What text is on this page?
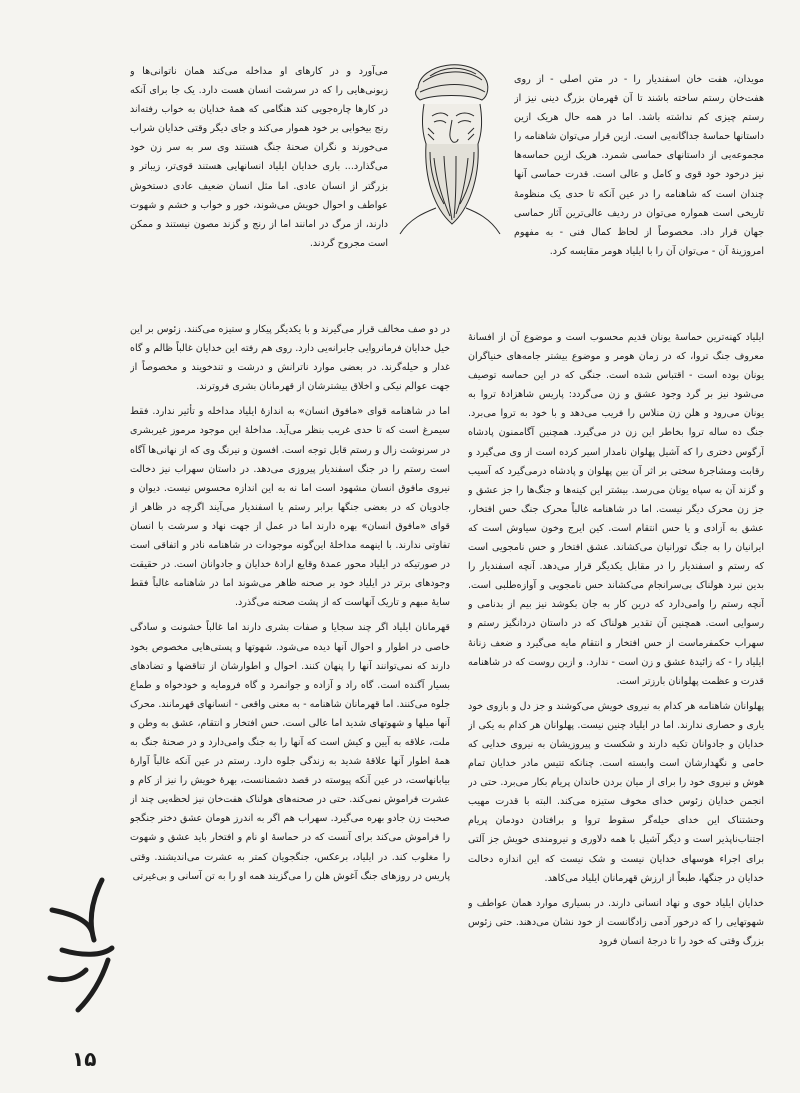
مویدان، هفت خان اسفندیار را - در متن اصلی - از روی هفت‌خان رستم ساخته باشند تا آن قهرمان بزرگ دینی نیز از رستم چیزی کم نداشته باشد. اما در همه حال هریک ازین داستانها حماسهٔ جداگانه‌یی است. ازین قرار می‌توان شاهنامه را مجموعه‌یی از داستانهای حماسی شمرد. هریک ازین حماسه‌ها نیز درخود خود قوی و کامل و عالی است. قدرت حماسی آنها چندان است که شاهنامه را در عین آنکه تا حدی یک منظومهٔ تاریخی است همواره می‌توان در ردیف عالی‌ترین آثار حماسی جهان قرار داد. مخصوصاً از لحاظ کمال فنی - به مفهوم امروزینهٔ آن - می‌توان آن را با ایلیاد هومر مقایسه کرد.

می‌آورد و در کارهای او مداخله می‌کند همان ناتوانی‌ها و زبونی‌هایی را که در سرشت انسان هست دارد. یک جا برای آنکه در کارها چاره‌جویی کند هنگامی که همهٔ خدایان به خواب رفته‌اند رنج بیخوابی بر خود هموار می‌کند و جای دیگر وقتی خدایان شراب می‌خورند و نگران صحنهٔ جنگ هستند وی سر به سر زن خود می‌گذارد... باری خدایان ایلیاد انسانهایی هستند قوی‌تر، زیباتر و بزرگتر از انسان عادی. اما مثل انسان ضعیف عادی دستخوش عواطف و احوال خویش می‌شوند، خور و خواب و خشم و شهوت دارند، از مرگ در امانند اما از رنج و گزند مصون نیستند و ممکن است مجروح گردند.

ایلیاد کهنه‌ترین حماسهٔ یونان قدیم محسوب است و موضوع آن از افسانهٔ معروف جنگ تروا، که در زمان هومر و موضوع بیشتر جامه‌های خنیاگران یونان بوده است - اقتباس شده است. جنگی که در این حماسه توصیف می‌شود نیز بر گرد وجود عشق و زن می‌گردد: پاریس شاهزادهٔ تروا به یونان می‌رود و هلن زن منلاس را فریب می‌دهد و با خود به تروا می‌برد. جنگ ده ساله تروا بخاطر این زن در می‌گیرد. همچنین آگاممنون پادشاه آرگوس دختری را که آشیل پهلوان نامدار اسیر کرده است از وی می‌گیرد و رقابت ومشاجرهٔ سختی بر اثر آن بین پهلوان و پادشاه درمی‌گیرد که آسیب و گزند آن به سپاه یونان می‌رسد. بیشتر این کینه‌ها و جنگ‌ها را جز عشق و جز زن محرک دیگر نیست. اما در شاهنامه غالباً محرک جنگ حس افتخار، عشق به آزادی و یا حس انتقام است. کین ایرج وخون سیاوش است که ایرانیان را به جنگ تورانیان می‌کشاند. عشق افتخار و حس نامجویی است که رستم و اسفندیار را در مقابل یکدیگر قرار می‌دهد. آنچه اسفندیار را بدین نبرد هولناک بی‌سرانجام می‌کشاند حس نامجویی و آوازه‌طلبی است. آنچه رستم را وامی‌دارد که درین کار به جان بکوشد نیز بیم از بدنامی و رسوایی است. همچنین آن تقدیر هولناک که در داستان دردانگیز رستم و سهراب حکمفرماست از حس افتخار و انتقام مایه می‌گیرد و ضعف زنانهٔ ایلیاد را - که زائیدهٔ عشق و زن است - ندارد. و ازین روست که در شاهنامه قدرت و عظمت پهلوانان بارزتر است.

پهلوانان شاهنامه هر کدام به نیروی خویش می‌کوشند و جز دل و بازوی خود یاری و حصاری ندارند. اما در ایلیاد چنین نیست. پهلوانان هر کدام به یکی از خدایان و جادوانان تکیه دارند و شکست و پیروزیشان به نیروی خدایی که حامی و نگهدارشان است وابسته است. چنانکه تتیس مادر خدایان تمام هوش و نیروی خود را برای از میان بردن خاندان پریام بکار می‌برد. حتی در انجمن خدایان زئوس خدای مخوف ستیزه می‌کند. البته با قدرت مهیب وحشتناک این خدای حیله‌گر سقوط تروا و برافتادن دودمان پریام اجتناب‌ناپذیر است و دیگر آشیل با همه دلاوری و نیرومندی خویش جز آلتی برای اجراء هوسهای خدایان نیست و شک نیست که این اندازه دخالت خدایان در جنگها، طبعاً از ارزش قهرمانان ایلیاد می‌کاهد.

خدایان ایلیاد خوی و نهاد انسانی دارند. در بسیاری موارد همان عواطف و شهوتهایی را که درخور آدمی زادگانست از خود نشان می‌دهند. حتی زئوس بزرگ وقتی که خود را تا درجهٔ انسان فرود

در دو صف مخالف قرار می‌گیرند و با یکدیگر پیکار و ستیزه می‌کنند. زئوس بر این خیل خدایان فرمانروایی جابرانه‌یی دارد. روی هم رفته این خدایان غالباً ظالم و گاه غدار و حیله‌گرند. در بعضی موارد ناترانش و درشت و تندخویند و مخصوصاً از جهت عوالم نیکی و اخلاق بیشترشان از قهرمانان بشری فروترند.

اما در شاهنامه قوای «مافوق انسان» به اندازهٔ ایلیاد مداخله و تأثیر ندارد. فقط سیمرغ است که تا حدی غریب بنظر می‌آید. مداخلهٔ این موجود مرموز غیربشری در سرنوشت زال و رستم قابل توجه است. افسون و نیرنگ وی که از نهانی‌ها آگاه است رستم را در جنگ اسفندیار پیروزی می‌دهد. در داستان سهراب نیز دخالت نیروی مافوق انسان مشهود است اما نه به این اندازه محسوس نیست. دیوان و جادویان که در بعضی جنگها برابر رستم یا اسفندیار می‌آیند اگرچه در ظاهر از قوای «مافوق انسان» بهره دارند اما در عمل از جهت نهاد و سرشت با انسان تفاوتی ندارند. با اینهمه مداخلهٔ این‌گونه موجودات در شاهنامه نادر و اتفاقی است در صورتیکه در ایلیاد محور عمدهٔ وقایع ارادهٔ خدایان و جادوانان است. در حقیقت وجودهای برتر در ایلیاد خود بر صحنه ظاهر می‌شوند اما در شاهنامه غالباً فقط سایهٔ مبهم و تاریک آنهاست که از پشت صحنه می‌گذرد.

قهرمانان ایلیاد اگر چند سجایا و صفات بشری دارند اما غالباً خشونت و سادگی خاصی در اطوار و احوال آنها دیده می‌شود. شهوتها و پستی‌هایی مخصوص بخود دارند که نمی‌توانند آنها را پنهان کنند. احوال و اطوارشان از تناقضها و تضادهای بسیار آگنده است. گاه راد و آزاده و جوانمرد و گاه فرومایه و خودخواه و طماع جلوه می‌کنند. اما قهرمانان شاهنامه - به معنی واقعی - انسانهای قهرمانند. محرک آنها میلها و شهوتهای شدید اما عالی است. حس افتخار و انتقام، عشق به وطن و ملت، علاقه به آیین و کیش است که آنها را به جنگ وامی‌دارد و در صحنهٔ جنگ به همهٔ اطوار آنها علاقهٔ شدید به زندگی جلوه دارد. رستم در عین آنکه غالباً آوارهٔ بیابانهاست، در عین آنکه پیوسته در قصد دشمنانست، بهرهٔ خویش را نیز از کام و عشرت فراموش نمی‌کند. حتی در صحنه‌های هولناک هفت‌خان نیز لحظه‌یی چند از صحبت زن جادو بهره می‌گیرد. سهراب هم اگر به اندرز هومان عشق دختر جنگجو را فراموش می‌کند برای آنست که در حماسهٔ او نام و افتخار باید عشق و شهوت را مغلوب کند. در ایلیاد، برعکس، جنگجویان کمتر به عشرت می‌اندیشند. وقتی پاریس در روزهای جنگ آغوش هلن را می‌گزیند همه او را به تن آسانی و بی‌غیرتی

کرمان
۱۵
